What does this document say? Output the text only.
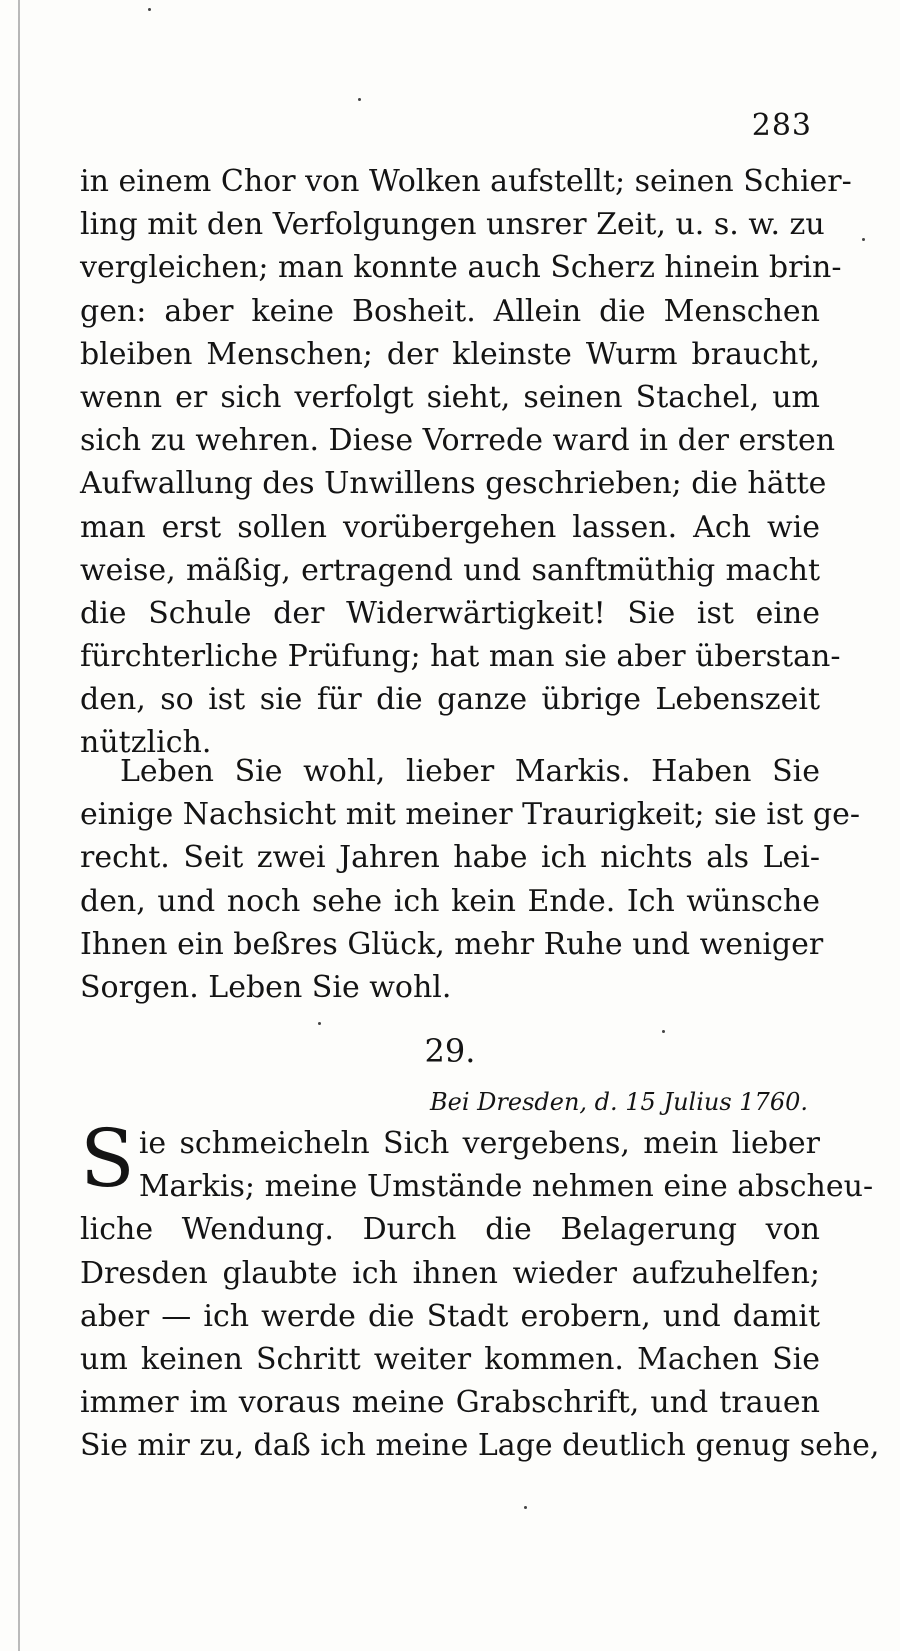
283
in einem Chor von Wolken aufstellt; seinen Schier-
ling mit den Verfolgungen unsrer Zeit, u. s. w. zu
vergleichen; man konnte auch Scherz hinein brin-
gen: aber keine Bosheit. Allein die Menschen
bleiben Menschen; der kleinste Wurm braucht,
wenn er sich verfolgt sieht, seinen Stachel, um
sich zu wehren. Diese Vorrede ward in der ersten
Aufwallung des Unwillens geschrieben; die hätte
man erst sollen vorübergehen lassen. Ach wie
weise, mäßig, ertragend und sanftmüthig macht
die Schule der Widerwärtigkeit! Sie ist eine
fürchterliche Prüfung; hat man sie aber überstan-
den, so ist sie für die ganze übrige Lebenszeit
nützlich.
Leben Sie wohl, lieber Markis. Haben Sie
einige Nachsicht mit meiner Traurigkeit; sie ist ge-
recht. Seit zwei Jahren habe ich nichts als Lei-
den, und noch sehe ich kein Ende. Ich wünsche
Ihnen ein beßres Glück, mehr Ruhe und weniger
Sorgen. Leben Sie wohl.
29.
Bei Dresden, d. 15 Julius 1760.
S ie schmeicheln Sich vergebens, mein lieber
Markis; meine Umstände nehmen eine abscheu-
liche Wendung. Durch die Belagerung von
Dresden glaubte ich ihnen wieder aufzuhelfen;
aber — ich werde die Stadt erobern, und damit
um keinen Schritt weiter kommen. Machen Sie
immer im voraus meine Grabschrift, und trauen
Sie mir zu, daß ich meine Lage deutlich genug sehe,
